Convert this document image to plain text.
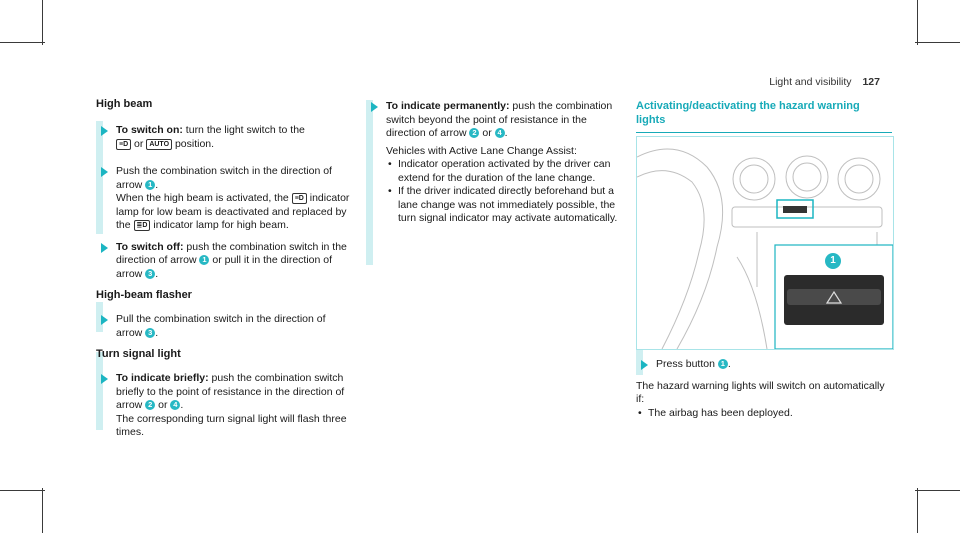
Light and visibility 127
High beam
To switch on: turn the light switch to the
≡D or AUTO position.
Push the combination switch in the direction of arrow 1 .
When the high beam is activated, the ≡D indicator lamp for low beam is deactivated and replaced by the ≣D indicator lamp for high beam.
To switch off: push the combination switch in the direction of arrow 1 or pull it in the direction of arrow 3 .
High-beam flasher
Pull the combination switch in the direction of arrow 3 .
Turn signal light
To indicate briefly: push the combination switch briefly to the point of resistance in the direction of arrow 2 or 4 .
The corresponding turn signal light will flash three times.
To indicate permanently: push the combination switch beyond the point of resistance in the direction of arrow 2 or 4 .
Vehicles with Active Lane Change Assist:
• Indicator operation activated by the driver can extend for the duration of the lane change.
• If the driver indicated directly beforehand but a lane change was not immediately possible, the turn signal indicator may activate automatically.
Activating/deactivating the hazard warning lights
1
Press button 1 .
The hazard warning lights will switch on automatically if:
• The airbag has been deployed.
